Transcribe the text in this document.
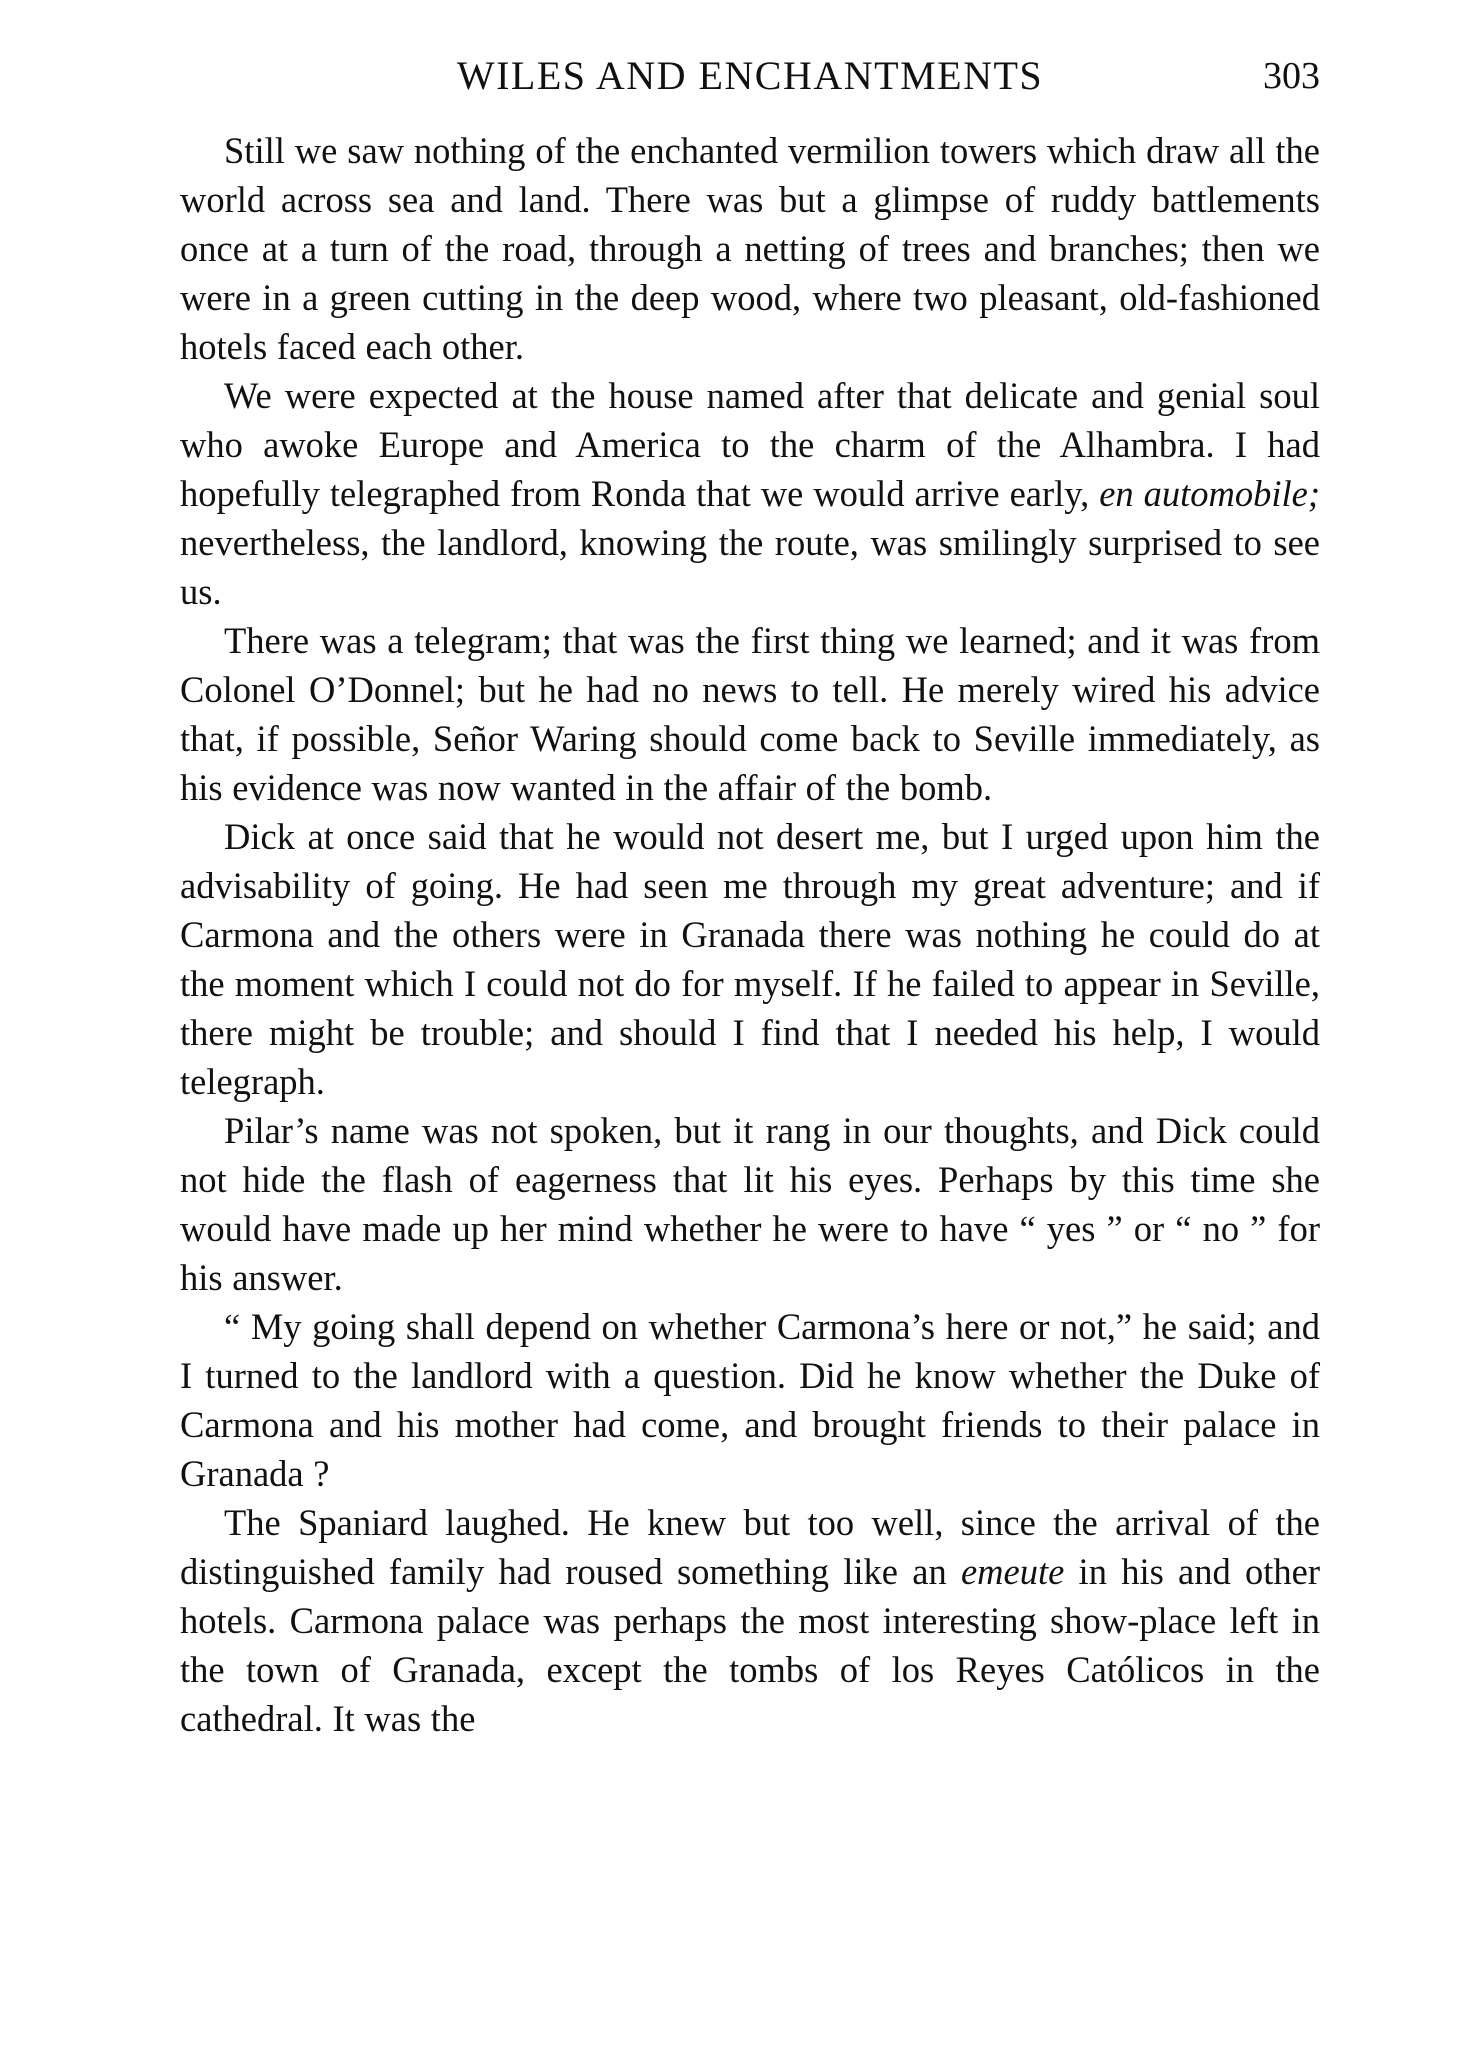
WILES AND ENCHANTMENTS	303

Still we saw nothing of the enchanted vermilion towers which draw all the world across sea and land. There was but a glimpse of ruddy battlements once at a turn of the road, through a netting of trees and branches; then we were in a green cutting in the deep wood, where two pleasant, old-fashioned hotels faced each other.

We were expected at the house named after that delicate and genial soul who awoke Europe and America to the charm of the Alhambra. I had hopefully telegraphed from Ronda that we would arrive early, en automobile; nevertheless, the landlord, knowing the route, was smilingly surprised to see us.

There was a telegram; that was the first thing we learned; and it was from Colonel O’Donnel; but he had no news to tell. He merely wired his advice that, if possible, Señor Waring should come back to Seville immediately, as his evidence was now wanted in the affair of the bomb.

Dick at once said that he would not desert me, but I urged upon him the advisability of going. He had seen me through my great adventure; and if Carmona and the others were in Granada there was nothing he could do at the moment which I could not do for myself. If he failed to appear in Seville, there might be trouble; and should I find that I needed his help, I would telegraph.

Pilar’s name was not spoken, but it rang in our thoughts, and Dick could not hide the flash of eagerness that lit his eyes. Perhaps by this time she would have made up her mind whether he were to have “ yes ” or “ no ” for his answer.

“ My going shall depend on whether Carmona’s here or not,” he said; and I turned to the landlord with a question. Did he know whether the Duke of Carmona and his mother had come, and brought friends to their palace in Granada ?

The Spaniard laughed. He knew but too well, since the arrival of the distinguished family had roused something like an emeute in his and other hotels. Carmona palace was perhaps the most interesting show-place left in the town of Granada, except the tombs of los Reyes Católicos in the cathedral. It was the
